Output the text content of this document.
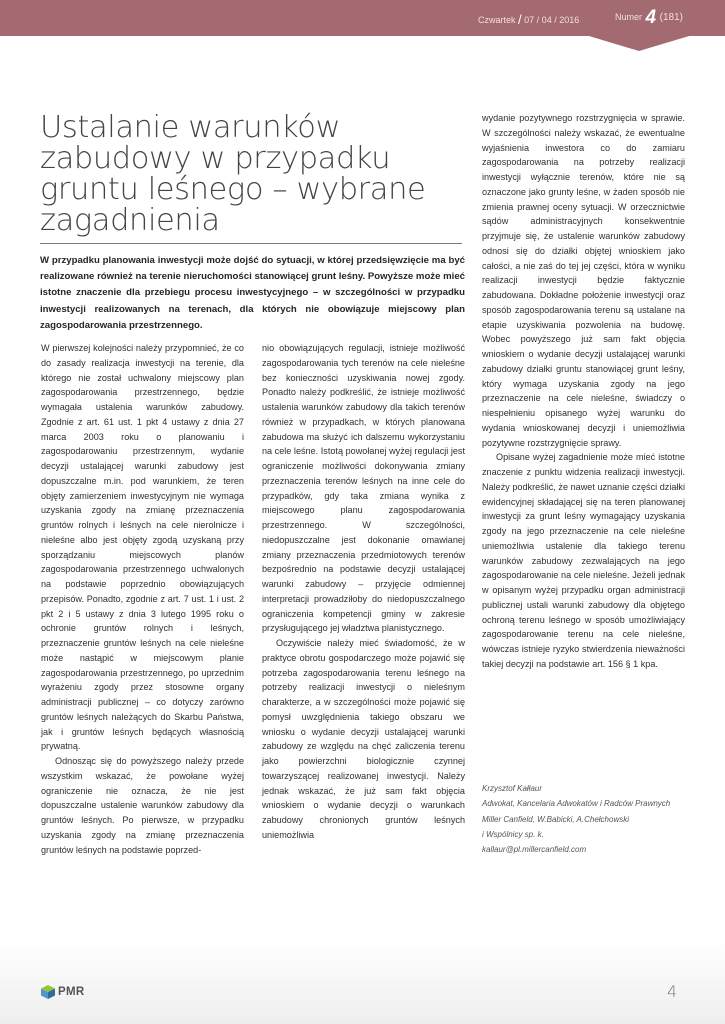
Czwartek / 07 / 04 / 2016	Numer 4 (181)
Ustalanie warunków zabudowy w przypadku gruntu leśnego – wybrane zagadnienia

W przypadku planowania inwestycji może dojść do sytuacji, w której przedsięwzięcie ma być realizowane również na terenie nieruchomości stanowiącej grunt leśny. Powyższe może mieć istotne znaczenie dla przebiegu procesu inwestycyjnego – w szczególności w przypadku inwestycji realizowanych na terenach, dla których nie obowiązuje miejscowy plan zagospodarowania przestrzennego.

W pierwszej kolejności należy przypomnieć, że co do zasady realizacja inwestycji na terenie, dla którego nie został uchwalony miejscowy plan zagospodarowania przestrzennego, będzie wymagała ustalenia warunków zabudowy. Zgodnie z art. 61 ust. 1 pkt 4 ustawy z dnia 27 marca 2003 roku o planowaniu i zagospodarowaniu przestrzennym, wydanie decyzji ustalającej warunki zabudowy jest dopuszczalne m.in. pod warunkiem, że teren objęty zamierzeniem inwestycyjnym nie wymaga uzyskania zgody na zmianę przeznaczenia gruntów rolnych i leśnych na cele nierolnicze i nieleśne albo jest objęty zgodą uzyskaną przy sporządzaniu miejscowych planów zagospodarowania przestrzennego uchwalonych na podstawie poprzednio obowiązujących przepisów. Ponadto, zgodnie z art. 7 ust. 1 i ust. 2 pkt 2 i 5 ustawy z dnia 3 lutego 1995 roku o ochronie gruntów rolnych i leśnych, przeznaczenie gruntów leśnych na cele nieleśne może nastąpić w miejscowym planie zagospodarowania przestrzennego, po uprzednim wyrażeniu zgody przez stosowne organy administracji publicznej – co dotyczy zarówno gruntów leśnych należących do Skarbu Państwa, jak i gruntów leśnych będących własnością prywatną.

Odnosząc się do powyższego należy przede wszystkim wskazać, że powołane wyżej ograniczenie nie oznacza, że nie jest dopuszczalne ustalenie warunków zabudowy dla gruntów leśnych. Po pierwsze, w przypadku uzyskania zgody na zmianę przeznaczenia gruntów leśnych na podstawie poprzed-

nio obowiązujących regulacji, istnieje możliwość zagospodarowania tych terenów na cele nieleśne bez konieczności uzyskiwania nowej zgody. Ponadto należy podkreślić, że istnieje możliwość ustalenia warunków zabudowy dla takich terenów również w przypadkach, w których planowana zabudowa ma służyć ich dalszemu wykorzystaniu na cele leśne. Istotą powołanej wyżej regulacji jest ograniczenie możliwości dokonywania zmiany przeznaczenia terenów leśnych na inne cele do przypadków, gdy taka zmiana wynika z miejscowego planu zagospodarowania przestrzennego. W szczególności, niedopuszczalne jest dokonanie omawianej zmiany przeznaczenia przedmiotowych terenów bezpośrednio na podstawie decyzji ustalającej warunki zabudowy – przyjęcie odmiennej interpretacji prowadziłoby do niedopuszczalnego ograniczenia kompetencji gminy w zakresie przysługującego jej władztwa planistycznego.

Oczywiście należy mieć świadomość, że w praktyce obrotu gospodarczego może pojawić się potrzeba zagospodarowania terenu leśnego na potrzeby realizacji inwestycji o nieleśnym charakterze, a w szczególności może pojawić się pomysł uwzględnienia takiego obszaru we wniosku o wydanie decyzji ustalającej warunki zabudowy ze względu na chęć zaliczenia terenu jako powierzchni biologicznie czynnej towarzyszącej realizowanej inwestycji. Należy jednak wskazać, że już sam fakt objęcia wnioskiem o wydanie decyzji o warunkach zabudowy chronionych gruntów leśnych uniemożliwia

wydanie pozytywnego rozstrzygnięcia w sprawie. W szczególności należy wskazać, że ewentualne wyjaśnienia inwestora co do zamiaru zagospodarowania na potrzeby realizacji inwestycji wyłącznie terenów, które nie są oznaczone jako grunty leśne, w żaden sposób nie zmienia prawnej oceny sytuacji. W orzecznictwie sądów administracyjnych konsekwentnie przyjmuje się, że ustalenie warunków zabudowy odnosi się do działki objętej wnioskiem jako całości, a nie zaś do tej jej części, która w wyniku realizacji inwestycji będzie faktycznie zabudowana. Dokładne położenie inwestycji oraz sposób zagospodarowania terenu są ustalane na etapie uzyskiwania pozwolenia na budowę. Wobec powyższego już sam fakt objęcia wnioskiem o wydanie decyzji ustalającej warunki zabudowy działki gruntu stanowiącej grunt leśny, który wymaga uzyskania zgody na jego przeznaczenie na cele nieleśne, świadczy o niespełnieniu opisanego wyżej warunku do wydania wnioskowanej decyzji i uniemożliwia pozytywne rozstrzygnięcie sprawy.

Opisane wyżej zagadnienie może mieć istotne znaczenie z punktu widzenia realizacji inwestycji. Należy podkreślić, że nawet uznanie części działki ewidencyjnej składającej się na teren planowanej inwestycji za grunt leśny wymagający uzyskania zgody na jego przeznaczenie na cele nieleśne uniemożliwia ustalenie dla takiego terenu warunków zabudowy zezwalających na jego zagospodarowanie na cele nieleśne. Jeżeli jednak w opisanym wyżej przypadku organ administracji publicznej ustali warunki zabudowy dla objętego ochroną terenu leśnego w sposób umożliwiający zagospodarowanie terenu na cele nieleśne, wówczas istnieje ryzyko stwierdzenia nieważności takiej decyzji na podstawie art. 156 § 1 kpa.

Krzysztof Kałłaur
Adwokat, Kancelaria Adwokatów i Radców Prawnych
Miller Canfield, W.Babicki, A.Chełchowski
i Wspólnicy sp. k.
kallaur@pl.millercanfield.com
PMR	4
